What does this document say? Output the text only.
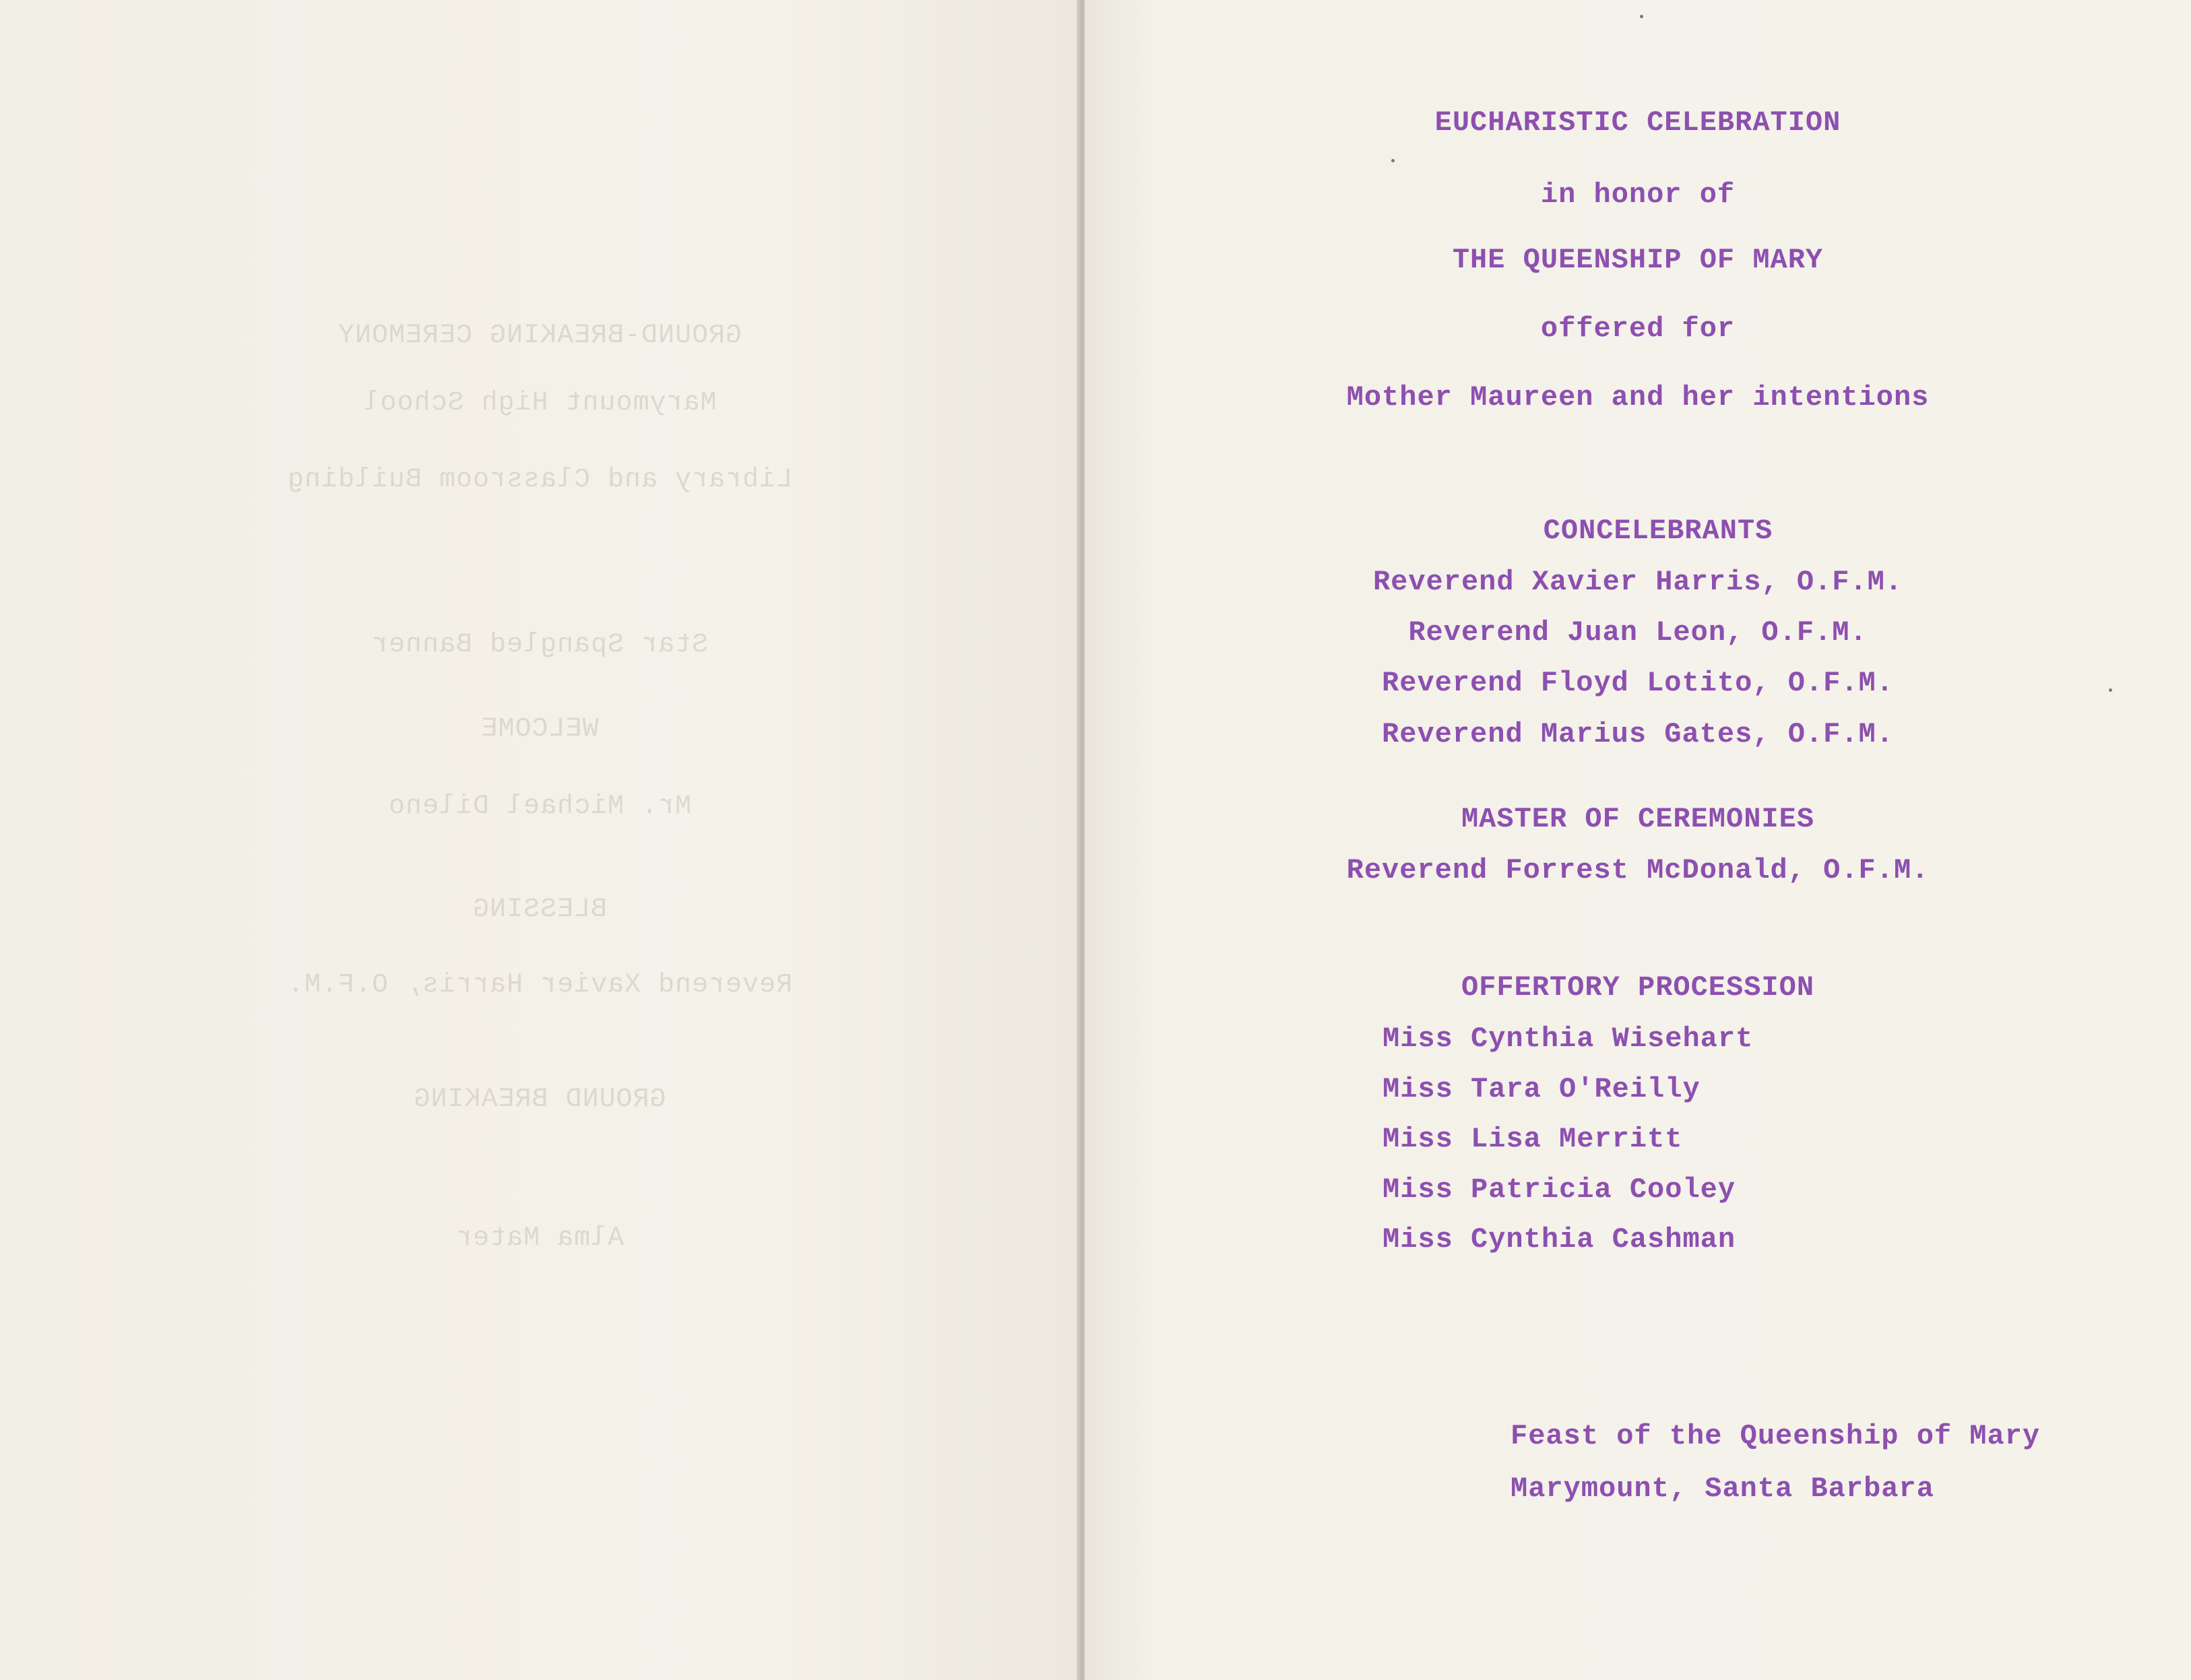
GROUND-BREAKING CEREMONY
Marymount High School
Library and Classroom Building
Star Spangled Banner
WELCOME
Mr. Michael Dileno
BLESSING
Reverend Xavier Harris, O.F.M.
GROUND BREAKING
Alma Mater
EUCHARISTIC CELEBRATION
in honor of
THE QUEENSHIP OF MARY
offered for
Mother Maureen and her intentions
CONCELEBRANTS
Reverend Xavier Harris, O.F.M.
Reverend Juan Leon, O.F.M.
Reverend Floyd Lotito, O.F.M.
Reverend Marius Gates, O.F.M.
MASTER OF CEREMONIES
Reverend Forrest McDonald, O.F.M.
OFFERTORY PROCESSION
Miss Cynthia Wisehart
Miss Tara O'Reilly
Miss Lisa Merritt
Miss Patricia Cooley
Miss Cynthia Cashman
Feast of the Queenship of Mary
Marymount, Santa Barbara
